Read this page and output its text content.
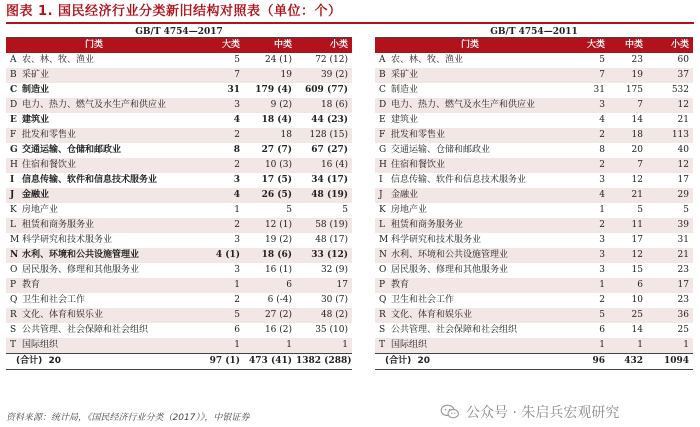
图表 1. 国民经济行业分类新旧结构对照表（单位：个）
GB/T 4754—2017
门类	大类	中类	小类
A 农、林、牧、渔业	5	24 (1)	72 (12)
B 采矿业	7	19	39 (2)
C 制造业	31	179 (4)	609 (77)
D 电力、热力、燃气及水生产和供应业	3	9 (2)	18 (6)
E 建筑业	4	18 (4)	44 (23)
F 批发和零售业	2	18	128 (15)
G 交通运输、仓储和邮政业	8	27 (7)	67 (27)
H 住宿和餐饮业	2	10 (3)	16 (4)
I 信息传输、软件和信息技术服务业	3	17 (5)	34 (17)
J 金融业	4	26 (5)	48 (19)
K 房地产业	1	5	5
L 租赁和商务服务业	2	12 (1)	58 (19)
M 科学研究和技术服务业	3	19 (2)	48 (17)
N 水利、环境和公共设施管理业	4 (1)	18 (6)	33 (12)
O 居民服务、修理和其他服务业	3	16 (1)	32 (9)
P 教育	1	6	17
Q 卫生和社会工作	2	6 (-4)	30 (7)
R 文化、体育和娱乐业	5	27 (2)	48 (2)
S 公共管理、社会保障和社会组织	6	16 (2)	35 (10)
T 国际组织	1	1	1
(合计) 20	97 (1)	473 (41) 1382 (288)
GB/T 4754—2011
门类	大类	中类	小类
A 农、林、牧、渔业	5	23	60
B 采矿业	7	19	37
C 制造业	31	175	532
D 电力、热力、燃气及水生产和供应业	3	7	12
E 建筑业	4	14	21
F 批发和零售业	2	18	113
G 交通运输、仓储和邮政业	8	20	40
H 住宿和餐饮业	2	7	12
I 信息传输、软件和信息技术服务业	3	12	17
J 金融业	4	21	29
K 房地产业	1	5	5
L 租赁和商务服务业	2	11	39
M 科学研究和技术服务业	3	17	31
N 水利、环境和公共设施管理业	3	12	21
O 居民服务、修理和其他服务业	3	15	23
P 教育	1	6	17
Q 卫生和社会工作	2	10	23
R 文化、体育和娱乐业	5	25	36
S 公共管理、社会保障和社会组织	6	14	25
T 国际组织	1	1	1
(合计) 20	96	432	1094
资料来源：统计局，《国民经济行业分类（2017）》，中银证券	公众号 · 朱启兵宏观研究
